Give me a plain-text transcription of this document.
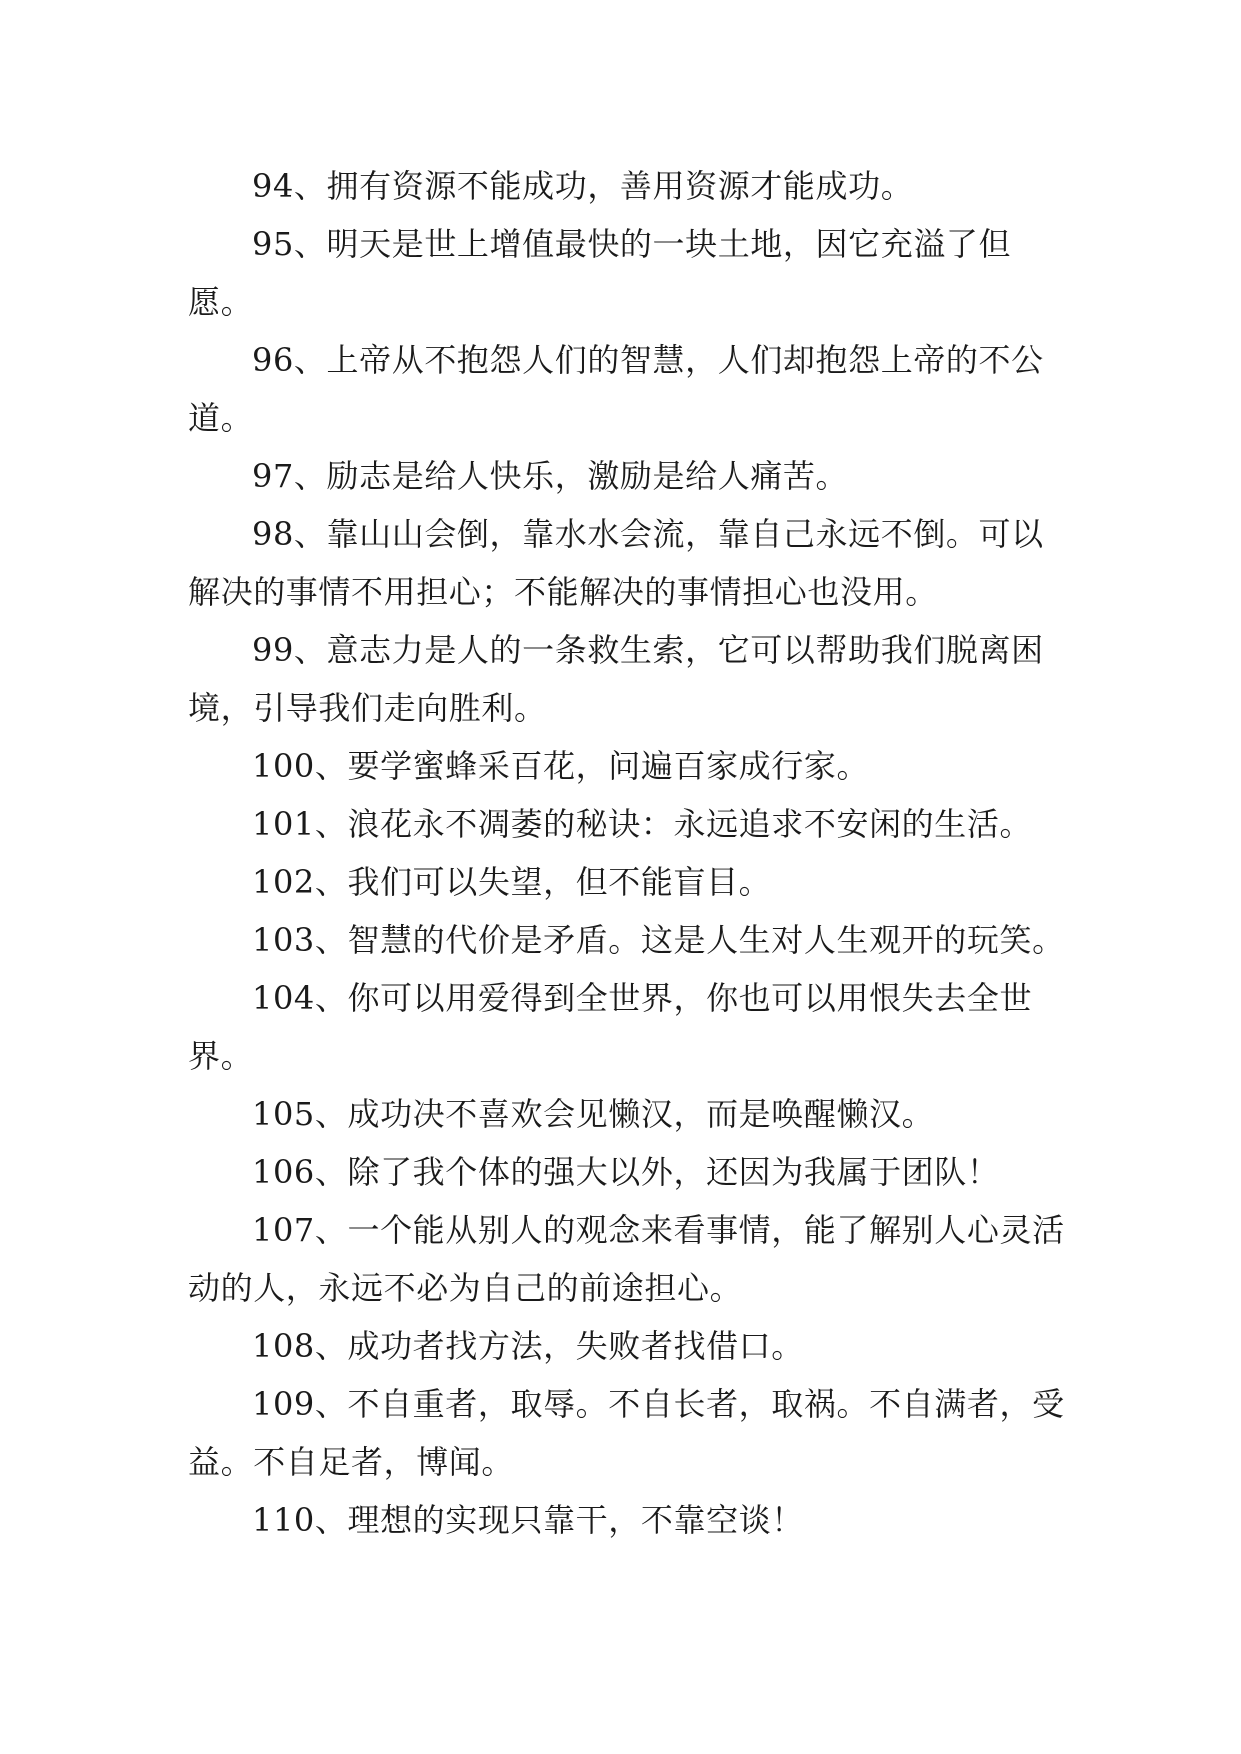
94、拥有资源不能成功，善用资源才能成功。

95、明天是世上增值最快的一块土地，因它充溢了但愿。

96、上帝从不抱怨人们的智慧，人们却抱怨上帝的不公道。

97、励志是给人快乐，激励是给人痛苦。

98、靠山山会倒，靠水水会流，靠自己永远不倒。可以解决的事情不用担心；不能解决的事情担心也没用。

99、意志力是人的一条救生索，它可以帮助我们脱离困境，引导我们走向胜利。

100、要学蜜蜂采百花，问遍百家成行家。

101、浪花永不凋萎的秘诀：永远追求不安闲的生活。

102、我们可以失望，但不能盲目。

103、智慧的代价是矛盾。这是人生对人生观开的玩笑。

104、你可以用爱得到全世界，你也可以用恨失去全世界。

105、成功决不喜欢会见懒汉，而是唤醒懒汉。

106、除了我个体的强大以外，还因为我属于团队！

107、一个能从别人的观念来看事情，能了解别人心灵活动的人，永远不必为自己的前途担心。

108、成功者找方法，失败者找借口。

109、不自重者，取辱。不自长者，取祸。不自满者，受益。不自足者，博闻。

110、理想的实现只靠干，不靠空谈！
